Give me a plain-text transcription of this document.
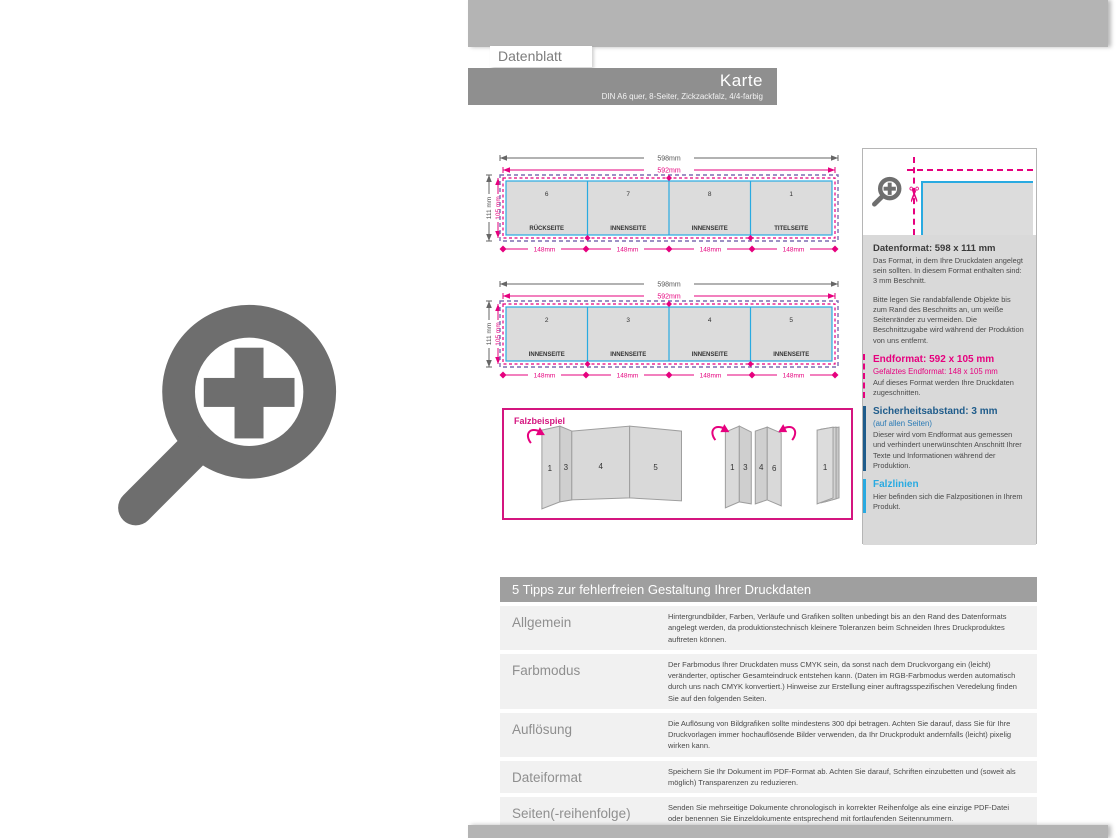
Datenblatt
Karte
DIN A6 quer, 8-Seiter, Zickzackfalz, 4/4-farbig
598mm
592mm
111 mm 105 mm
6	7	8	1
RÜCKSEITE	INNENSEITE	INNENSEITE	TITELSEITE
148mm	148mm	148mm	148mm
598mm
592mm
111 mm 105 mm
2	3	4	5
INNENSEITE	INNENSEITE	INNENSEITE	INNENSEITE
148mm	148mm	148mm	148mm
Falzbeispiel
1 3	4	5	1 3 4 6	1
✂

Datenformat: 598 x 111 mm

Das Format, in dem Ihre Druckdaten angelegt sein sollten. In diesem Format enthalten sind: 3 mm Beschnitt.

Bitte legen Sie randabfallende Objekte bis zum Rand des Beschnitts an, um weiße Seitenränder zu vermeiden. Die Beschnittzugabe wird während der Produktion von uns entfernt.

Endformat: 592 x 105 mm

Gefalztes Endformat: 148 x 105 mm

Auf dieses Format werden Ihre Druckdaten zugeschnitten.

Sicherheitsabstand: 3 mm

(auf allen Seiten)

Dieser wird vom Endformat aus gemessen und verhindert unerwünschten Anschnitt Ihrer Texte und Informationen während der Produktion.

Falzlinien

Hier befinden sich die Falzpositionen in Ihrem Produkt.

5 Tipps zur fehlerfreien Gestaltung Ihrer Druckdaten
Allgemein	Hintergrundbilder, Farben, Verläufe und Grafiken sollten unbedingt bis an den Rand des Datenformats angelegt werden, da produktionstechnisch kleinere Toleranzen beim Schneiden Ihres Druckproduktes auftreten können.
Farbmodus	Der Farbmodus Ihrer Druckdaten muss CMYK sein, da sonst nach dem Druckvorgang ein (leicht) veränderter, optischer Gesamteindruck entstehen kann. (Daten im RGB-Farbmodus werden automatisch durch uns nach CMYK konvertiert.) Hinweise zur Erstellung einer auftragsspezifischen Veredelung finden Sie auf den folgenden Seiten.
Auflösung	Die Auflösung von Bildgrafiken sollte mindestens 300 dpi betragen. Achten Sie darauf, dass Sie für Ihre Druckvorlagen immer hochauflösende Bilder verwenden, da Ihr Druckprodukt andernfalls (leicht) pixelig wirken kann.
Dateiformat	Speichern Sie Ihr Dokument im PDF-Format ab. Achten Sie darauf, Schriften einzubetten und (soweit als möglich) Transparenzen zu reduzieren.
Seiten(-reihenfolge)	Senden Sie mehrseitige Dokumente chronologisch in korrekter Reihenfolge als eine einzige PDF-Datei oder benennen Sie Einzeldokumente entsprechend mit fortlaufenden Seitennummern.
